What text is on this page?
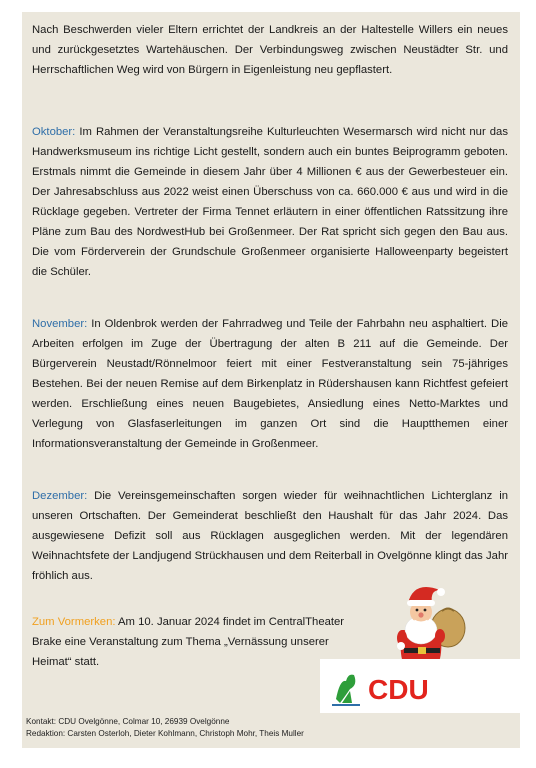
Nach Beschwerden vieler Eltern errichtet der Landkreis an der Haltestelle Willers ein neues und zurückgesetztes Wartehäuschen. Der Verbindungsweg zwischen Neustädter Str. und Herrschaftlichen Weg wird von Bürgern in Eigenleistung neu gepflastert.

Oktober: Im Rahmen der Veranstaltungsreihe Kulturleuchten Wesermarsch wird nicht nur das Handwerksmuseum ins richtige Licht gestellt, sondern auch ein buntes Beiprogramm geboten. Erstmals nimmt die Gemeinde in diesem Jahr über 4 Millionen € aus der Gewerbesteuer ein. Der Jahresabschluss aus 2022 weist einen Überschuss von ca. 660.000 € aus und wird in die Rücklage gegeben. Vertreter der Firma Tennet erläutern in einer öffentlichen Ratssitzung ihre Pläne zum Bau des NordwestHub bei Großenmeer. Der Rat spricht sich gegen den Bau aus. Die vom Förderverein der Grundschule Großenmeer organisierte Halloweenparty begeistert die Schüler.

November: In Oldenbrok werden der Fahrradweg und Teile der Fahrbahn neu asphaltiert. Die Arbeiten erfolgen im Zuge der Übertragung der alten B 211 auf die Gemeinde. Der Bürgerverein Neustadt/Rönnelmoor feiert mit einer Festveranstaltung sein 75-jähriges Bestehen. Bei der neuen Remise auf dem Birkenplatz in Rüdershausen kann Richtfest gefeiert werden. Erschließung eines neuen Baugebietes, Ansiedlung eines Netto-Marktes und Verlegung von Glasfaserleitungen im ganzen Ort sind die Hauptthemen einer Informationsveranstaltung der Gemeinde in Großenmeer.

Dezember: Die Vereinsgemeinschaften sorgen wieder für weihnachtlichen Lichterglanz in unseren Ortschaften. Der Gemeinderat beschließt den Haushalt für das Jahr 2024. Das ausgewiesene Defizit soll aus Rücklagen ausgeglichen werden. Mit der legendären Weihnachtsfete der Landjugend Strückhausen und dem Reiterball in Ovelgönne klingt das Jahr fröhlich aus.

Zum Vormerken: Am 10. Januar 2024 findet im CentralTheater Brake eine Veranstaltung zum Thema „Vernässung unserer Heimat“ statt.

CDU
Kontakt: CDU Ovelgönne, Colmar 10, 26939 Ovelgönne
Redaktion: Carsten Osterloh, Dieter Kohlmann, Christoph Mohr, Theis Muller
